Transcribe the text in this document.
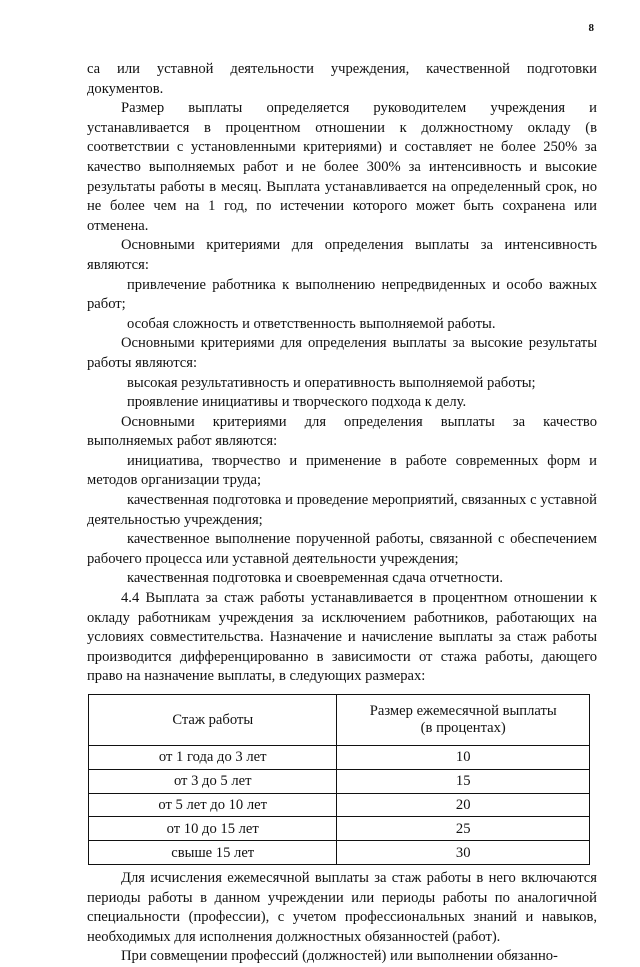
8

са или уставной деятельности учреждения, качественной подготовки документов.

Размер выплаты определяется руководителем учреждения и устанавливается в процентном отношении к должностному окладу (в соответствии с установленными критериями) и составляет не более 250% за качество выполняемых работ и не более 300% за интенсивность и высокие результаты работы в месяц. Выплата устанавливается на определенный срок, но не более чем на 1 год, по истечении которого может быть сохранена или отменена.

Основными критериями для определения выплаты за интенсивность являются:

привлечение работника к выполнению непредвиденных и особо важных работ;

особая сложность и ответственность выполняемой работы.

Основными критериями для определения выплаты за высокие результаты работы являются:

высокая результативность и оперативность выполняемой работы;

проявление инициативы и творческого подхода к делу.

Основными критериями для определения выплаты за качество выполняемых работ являются:

инициатива, творчество и применение в работе современных форм и методов организации труда;

качественная подготовка и проведение мероприятий, связанных с уставной деятельностью учреждения;

качественное выполнение порученной работы, связанной с обеспечением рабочего процесса или уставной деятельности учреждения;

качественная подготовка и своевременная сдача отчетности.

4.4 Выплата за стаж работы устанавливается в процентном отношении к окладу работникам учреждения за исключением работников, работающих на условиях совместительства. Назначение и начисление выплаты за стаж работы производится дифференцированно в зависимости от стажа работы, дающего право на назначение выплаты, в следующих размерах:

Стаж работы	Размер ежемесячной выплаты
(в процентах)
от 1 года до 3 лет	10
от 3 до 5 лет	15
от 5 лет до 10 лет	20
от 10 до 15 лет	25
свыше 15 лет	30

Для исчисления ежемесячной выплаты за стаж работы в него включаются периоды работы в данном учреждении или периоды работы по аналогичной специальности (профессии), с учетом профессиональных знаний и навыков, необходимых для исполнения должностных обязанностей (работ).

При совмещении профессий (должностей) или выполнении обязанно-
